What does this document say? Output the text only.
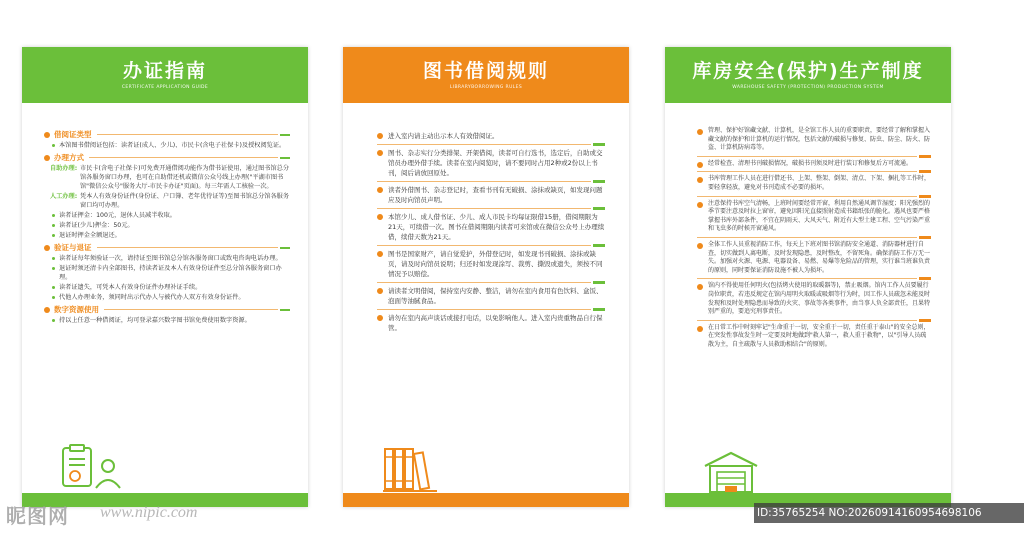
办证指南
CERTIFICATE APPLICATION GUIDE
借阅证类型
本馆图书借阅证包括：读者证(成人、少儿)、市民卡(含电子社保卡)及授权阅览证。
办理方式
自助办理: 市民卡(含电子社保卡)可免费开通借阅功能作为借书证使用，通过图书馆总分馆各服务窗口办理，也可在自助借还机或微信公众号线上办理("平湖市图书馆"微信公众号"服务大厅-市民卡办证"页面)。每三年需人工核验一次。
人工办理: 凭本人有效身份证件(身份证、户口簿、老年优待证等)至图书馆总分馆各服务窗口均可办理。
读者证押金：100元，退休人员减半收取。
读者证(少儿)押金：50元。
退证时押金全额退还。
验证与退证
读者证每年须验证一次，请持证至图书馆总分馆各服务窗口或致电咨询电话办理。
退证时须还清卡内全部图书，持读者证及本人有效身份证件至总分馆各服务窗口办理。
读者证遗失，可凭本人有效身份证件办理补证手续。
代他人办理业务，须同时出示代办人与被代办人双方有效身份证件。
数字资源使用
持以上任意一种借阅证，均可登录嘉兴数字图书馆免费使用数字资源。
图书借阅规则
LIBRARYBORROWING RULES
进入室内请主动出示本人有效借阅证。
图书、杂志实行分类排架、开架借阅，读者可自行选书，选定后，自助或交馆员办理外借手续。读者在室内阅览时，请不要同时占用2种或2份以上书刊，阅后请放回原处。
读者外借图书、杂志登记时，查看书刊有无破损、涂抹或缺页，如发现问题应及时向馆员声明。
本馆少儿、成人借书证、少儿、成人市民卡均每证限借15册，借阅期限为21天，可续借一次。图书在借阅期限内读者可来馆或在微信公众号上办理续借，续借天数为21天。
图书是国家财产，请自觉爱护，外借登记时，如发现书刊破损、涂抹或缺页，请及时向馆员说明；归还时如发现涂写、裁剪、撕毁或遗失，须按不同情况予以赔偿。
请读者文明借阅，保持室内安静、整洁，请勿在室内食用有色饮料、盒饭、泡面等油腻食品。
请勿在室内高声谈话或接打电话，以免影响他人。进入室内贵重物品自行保管。
库房安全(保护)生产制度
WAREHOUSE SAFETY (PROTECTION) PRODUCTION SYSTEM
管理、保护好馆藏文献、计算机，是全馆工作人员的重要职责，要经常了解和掌握入藏文献的保护和计算机的运行情况，包括文献的破损与修复、防虫、防尘、防火、防盗、计算机防病毒等。
经常检查、清理书刊破损情况，破损书刊须及时进行装订和修复后方可流通。
书库管理工作人员在进行借还书、上架、整架、倒架、清点、下架、捆扎等工作时，要轻拿轻放，避免对书刊造成不必要的损坏。
注意保持书库空气清畅，上班时间要经常开窗，利用自然通风调节湿度；阳光强烈的季节要注意及时拉上窗帘，避免因阳光直接照射造成书籍纸张的脆化。遇风也要严格掌握书库外部条件，不宜在阴雨天、大风天气、附近有大型土建工程、空气污染严重和飞虫多的时候开窗通风。
全体工作人员重视消防工作，每天上下班对图书馆消防安全通道、消防器材进行自查，切实做到人离电断，及时发现隐患，及时整改，不留死角。确保消防工作万无一失。加强对火源、电源、电器设备、易燃、易爆等危险品的管理，实行谁当班谁负责的原则，同时要保证消防设施不被人为损坏。
馆内不得使用任何明火(包括烤火使用的取暖器等)，禁止吸烟。馆内工作人员要履行岗位职责，若违反规定在馆内用明火取暖或吸烟等行为时，因工作人员疏忽未能及时发现和及时处理隐患而导致的火灾、事故等各类事件，由当事人负全部责任，且果特别严重的，要追究刑事责任。
在日常工作中时刻牢记"生命重于一切，安全重于一切，责任重于泰山"的安全总则，在突发性事故发生时一定要及时地做到"救人第一，救人重于救物"，以"引导人员疏散为主，自主疏散与人员救助相结合"的原则。
昵图网 www.nipic.com	ID:35765254 NO:20260914160954698106
